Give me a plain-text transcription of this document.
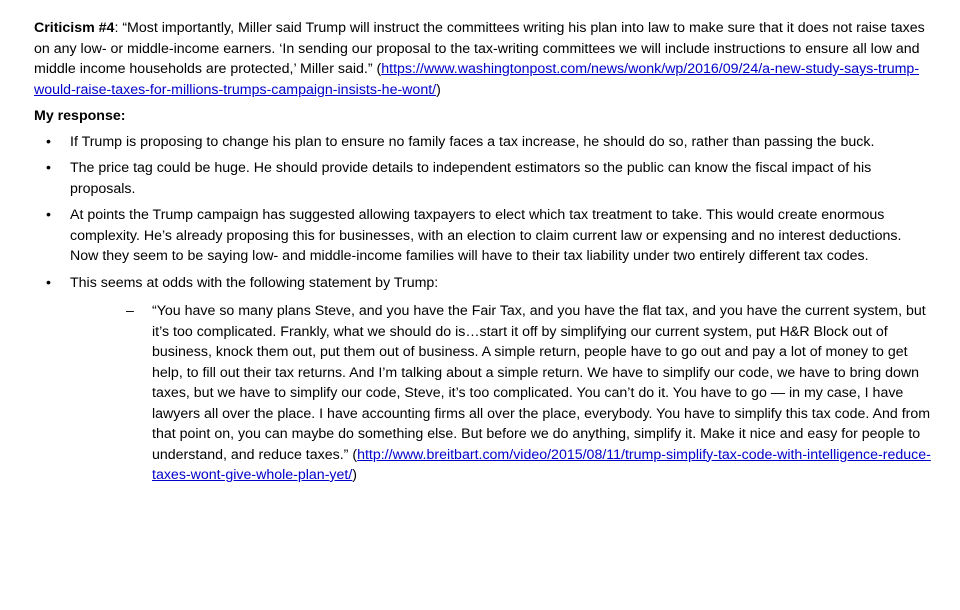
Criticism #4: “Most importantly, Miller said Trump will instruct the committees writing his plan into law to make sure that it does not raise taxes on any low- or middle-income earners. ‘In sending our proposal to the tax-writing committees we will include instructions to ensure all low and middle income households are protected,’ Miller said.” (https://www.washingtonpost.com/news/wonk/wp/2016/09/24/a-new-study-says-trump-would-raise-taxes-for-millions-trumps-campaign-insists-he-wont/)

My response:

• If Trump is proposing to change his plan to ensure no family faces a tax increase, he should do so, rather than passing the buck.
• The price tag could be huge. He should provide details to independent estimators so the public can know the fiscal impact of his proposals.
• At points the Trump campaign has suggested allowing taxpayers to elect which tax treatment to take. This would create enormous complexity. He’s already proposing this for businesses, with an election to claim current law or expensing and no interest deductions. Now they seem to be saying low- and middle-income families will have to their tax liability under two entirely different tax codes.
• This seems at odds with the following statement by Trump:
– “You have so many plans Steve, and you have the Fair Tax, and you have the flat tax, and you have the current system, but it’s too complicated. Frankly, what we should do is…start it off by simplifying our current system, put H&R Block out of business, knock them out, put them out of business. A simple return, people have to go out and pay a lot of money to get help, to fill out their tax returns. And I’m talking about a simple return. We have to simplify our code, we have to bring down taxes, but we have to simplify our code, Steve, it’s too complicated. You can’t do it. You have to go — in my case, I have lawyers all over the place. I have accounting firms all over the place, everybody. You have to simplify this tax code. And from that point on, you can maybe do something else. But before we do anything, simplify it. Make it nice and easy for people to understand, and reduce taxes.” (http://www.breitbart.com/video/2015/08/11/trump-simplify-tax-code-with-intelligence-reduce-taxes-wont-give-whole-plan-yet/)
